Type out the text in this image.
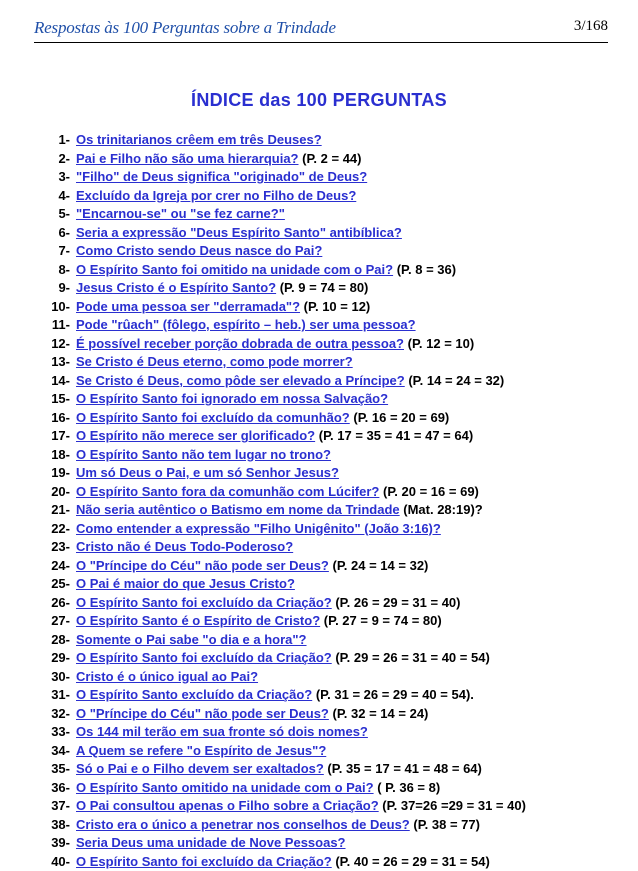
Respostas às 100 Perguntas sobre a Trindade	3/168
ÍNDICE das 100 PERGUNTAS
1- Os trinitarianos crêem em três Deuses?
2- Pai e Filho não são uma hierarquia? (P. 2 = 44)
3- "Filho" de Deus significa "originado" de Deus?
4- Excluído da Igreja por crer no Filho de Deus?
5- "Encarnou-se" ou "se fez carne?"
6- Seria a expressão "Deus Espírito Santo" antibíblica?
7- Como Cristo sendo Deus nasce do Pai?
8- O Espírito Santo foi omitido na unidade com o Pai? (P. 8 = 36)
9- Jesus Cristo é o Espírito Santo? (P. 9 = 74 = 80)
10- Pode uma pessoa ser "derramada"? (P. 10 = 12)
11- Pode "rûach" (fôlego, espírito – heb.) ser uma pessoa?
12- É possível receber porção dobrada de outra pessoa? (P. 12 = 10)
13- Se Cristo é Deus eterno, como pode morrer?
14- Se Cristo é Deus, como pôde ser elevado a Príncipe? (P. 14 = 24 = 32)
15- O Espírito Santo foi ignorado em nossa Salvação?
16- O Espírito Santo foi excluído da comunhão? (P. 16 = 20 = 69)
17- O Espírito não merece ser glorificado? (P. 17 = 35 = 41 = 47 = 64)
18- O Espírito Santo não tem lugar no trono?
19- Um só Deus o Pai, e um só Senhor Jesus?
20- O Espírito Santo fora da comunhão com Lúcifer? (P. 20 = 16 = 69)
21- Não seria autêntico o Batismo em nome da Trindade (Mat. 28:19)?
22- Como entender a expressão "Filho Unigênito" (João 3:16)?
23- Cristo não é Deus Todo-Poderoso?
24- O "Príncipe do Céu" não pode ser Deus? (P. 24 = 14 = 32)
25- O Pai é maior do que Jesus Cristo?
26- O Espírito Santo foi excluído da Criação? (P. 26 = 29 = 31 = 40)
27- O Espírito Santo é o Espírito de Cristo? (P. 27 = 9 = 74 = 80)
28- Somente o Pai sabe "o dia e a hora"?
29- O Espírito Santo foi excluído da Criação? (P. 29 = 26 = 31 = 40 = 54)
30- Cristo é o único igual ao Pai?
31- O Espírito Santo excluído da Criação? (P. 31 = 26 = 29 = 40 = 54).
32- O "Príncipe do Céu" não pode ser Deus? (P. 32 = 14 = 24)
33- Os 144 mil terão em sua fronte só dois nomes?
34- A Quem se refere "o Espírito de Jesus"?
35- Só o Pai e o Filho devem ser exaltados? (P. 35 = 17 = 41 = 48 = 64)
36- O Espírito Santo omitido na unidade com o Pai? ( P. 36 = 8)
37- O Pai consultou apenas o Filho sobre a Criação? (P. 37=26 =29 = 31 = 40)
38- Cristo era o único a penetrar nos conselhos de Deus? (P. 38 = 77)
39- Seria Deus uma unidade de Nove Pessoas?
40- O Espírito Santo foi excluído da Criação? (P. 40 = 26 = 29 = 31 = 54)
